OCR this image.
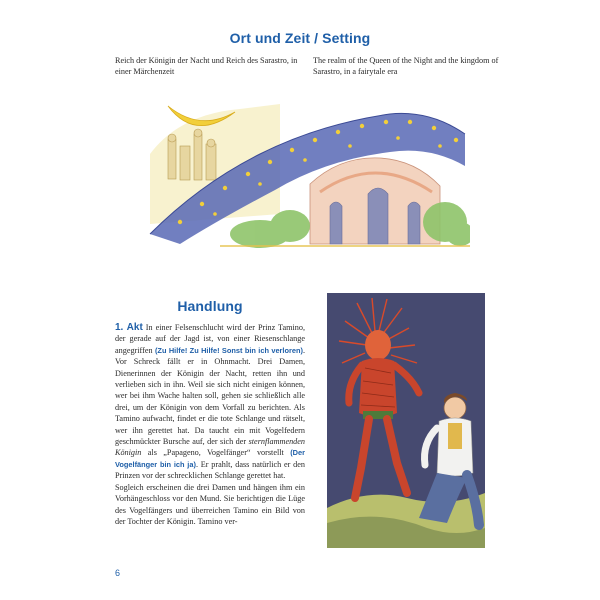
Ort und Zeit / Setting
Reich der Königin der Nacht und Reich des Sarastro, in einer Märchenzeit
The realm of the Queen of the Night and the kingdom of Sarastro, in a fairytale era
Handlung
1. Akt In einer Felsenschlucht wird der Prinz Tamino, der gerade auf der Jagd ist, von einer Riesenschlange angegriffen (Zu Hilfe! Zu Hilfe! Sonst bin ich verloren). Vor Schreck fällt er in Ohnmacht. Drei Damen, Dienerinnen der Königin der Nacht, retten ihn und verlieben sich in ihn. Weil sie sich nicht einigen können, wer bei ihm Wache halten soll, gehen sie schließlich alle drei, um der Königin von dem Vorfall zu berichten. Als Tamino aufwacht, findet er die tote Schlange und rätselt, wer ihn gerettet hat. Da taucht ein mit Vogelfedern geschmückter Bursche auf, der sich der sternflammenden Königin als „Papageno, Vogelfänger“ vorstellt (Der Vogelfänger bin ich ja). Er prahlt, dass natürlich er den Prinzen vor der schrecklichen Schlange gerettet hat.
Sogleich erscheinen die drei Damen und hängen ihm ein Vorhängeschloss vor den Mund. Sie berichtigen die Lüge des Vogelfängers und überreichen Tamino ein Bild von der Tochter der Königin. Tamino ver-
6
